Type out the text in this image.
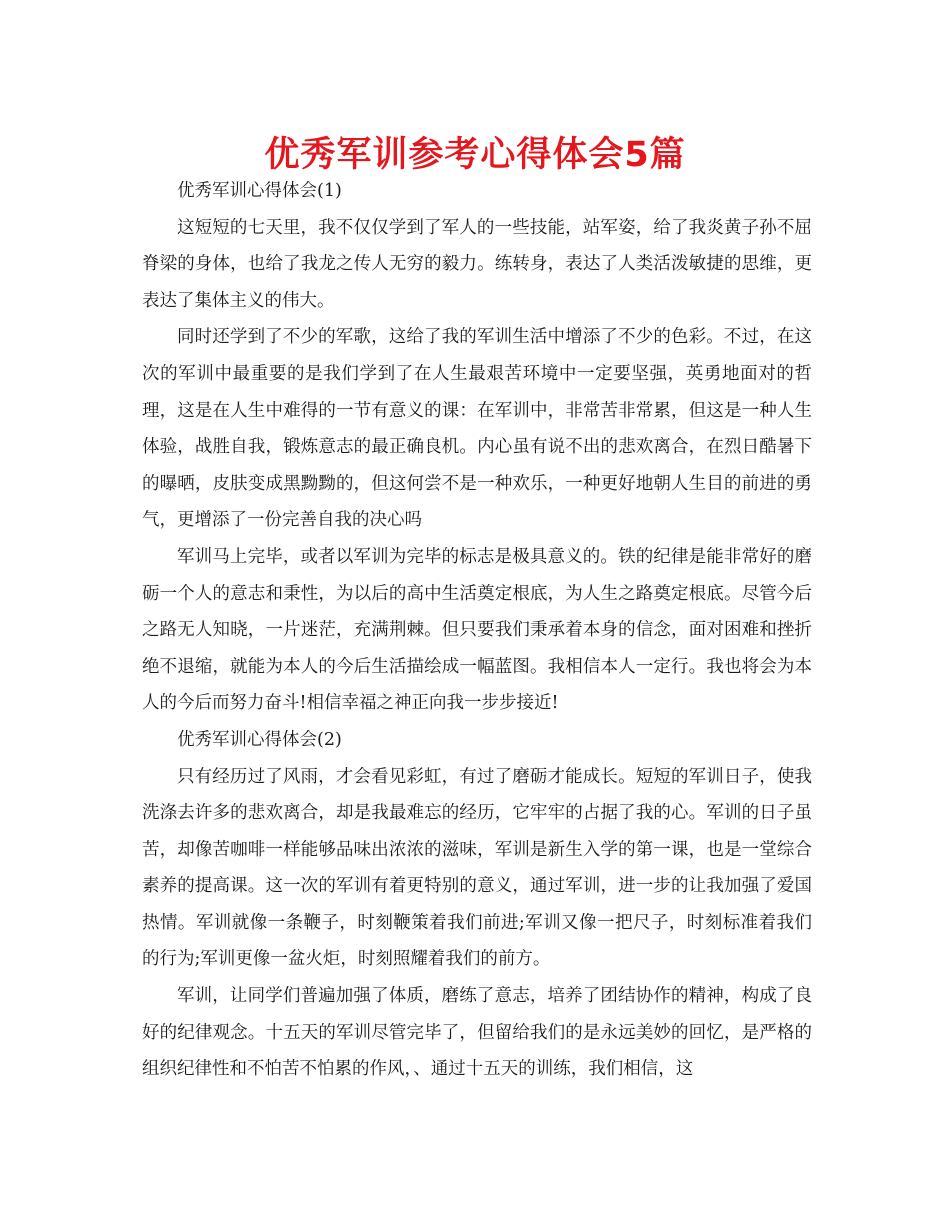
优秀军训参考心得体会5篇

优秀军训心得体会(1)

这短短的七天里，我不仅仅学到了军人的一些技能，站军姿，给了我炎黄子孙不屈脊梁的身体，也给了我龙之传人无穷的毅力。练转身，表达了人类活泼敏捷的思维，更表达了集体主义的伟大。

同时还学到了不少的军歌，这给了我的军训生活中增添了不少的色彩。不过，在这次的军训中最重要的是我们学到了在人生最艰苦环境中一定要坚强，英勇地面对的哲理，这是在人生中难得的一节有意义的课：在军训中，非常苦非常累，但这是一种人生体验，战胜自我，锻炼意志的最正确良机。内心虽有说不出的悲欢离合，在烈日酷暑下的曝晒，皮肤变成黑黝黝的，但这何尝不是一种欢乐，一种更好地朝人生目的前进的勇气，更增添了一份完善自我的决心吗

军训马上完毕，或者以军训为完毕的标志是极具意义的。铁的纪律是能非常好的磨砺一个人的意志和秉性，为以后的高中生活奠定根底，为人生之路奠定根底。尽管今后之路无人知晓，一片迷茫，充满荆棘。但只要我们秉承着本身的信念，面对困难和挫折绝不退缩，就能为本人的今后生活描绘成一幅蓝图。我相信本人一定行。我也将会为本人的今后而努力奋斗!相信幸福之神正向我一步步接近!

优秀军训心得体会(2)

只有经历过了风雨，才会看见彩虹，有过了磨砺才能成长。短短的军训日子，使我洗涤去许多的悲欢离合，却是我最难忘的经历，它牢牢的占据了我的心。军训的日子虽苦，却像苦咖啡一样能够品味出浓浓的滋味，军训是新生入学的第一课，也是一堂综合素养的提高课。这一次的军训有着更特别的意义，通过军训，进一步的让我加强了爱国热情。军训就像一条鞭子，时刻鞭策着我们前进;军训又像一把尺子，时刻标准着我们的行为;军训更像一盆火炬，时刻照耀着我们的前方。

军训，让同学们普遍加强了体质，磨练了意志，培养了团结协作的精神，构成了良好的纪律观念。十五天的军训尽管完毕了，但留给我们的是永远美妙的回忆，是严格的组织纪律性和不怕苦不怕累的作风，、通过十五天的训练，我们相信，这
